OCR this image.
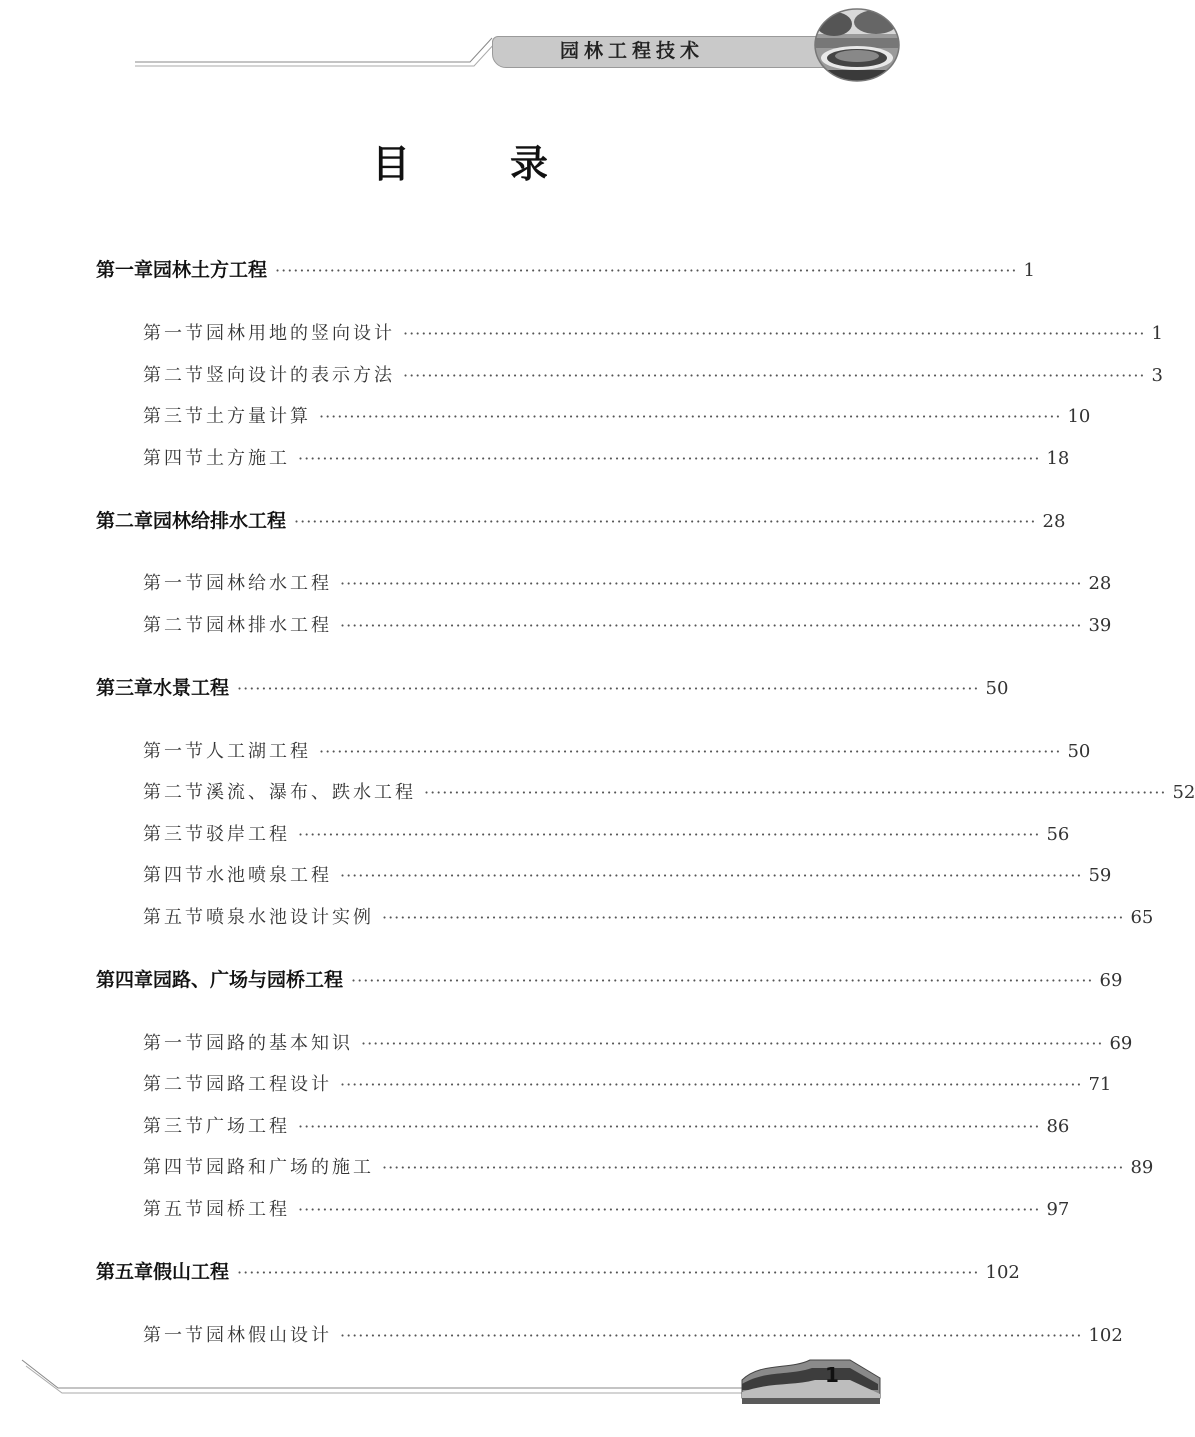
园林工程技术
目录
第一章 园林土方工程 ·························································································································· 1
第一节 园林用地的竖向设计 ·························································································································· 1
第二节 竖向设计的表示方法 ·························································································································· 3
第三节 土方量计算 ·························································································································· 10
第四节 土方施工 ·························································································································· 18
第二章 园林给排水工程 ·························································································································· 28
第一节 园林给水工程 ·························································································································· 28
第二节 园林排水工程 ·························································································································· 39
第三章 水景工程 ·························································································································· 50
第一节 人工湖工程 ·························································································································· 50
第二节 溪流、瀑布、跌水工程 ·························································································································· 52
第三节 驳岸工程 ·························································································································· 56
第四节 水池喷泉工程 ·························································································································· 59
第五节 喷泉水池设计实例 ·························································································································· 65
第四章 园路、广场与园桥工程 ·························································································································· 69
第一节 园路的基本知识 ·························································································································· 69
第二节 园路工程设计 ·························································································································· 71
第三节 广场工程 ·························································································································· 86
第四节 园路和广场的施工 ·························································································································· 89
第五节 园桥工程 ·························································································································· 97
第五章 假山工程 ·························································································································· 102
第一节 园林假山设计 ·························································································································· 102
1
